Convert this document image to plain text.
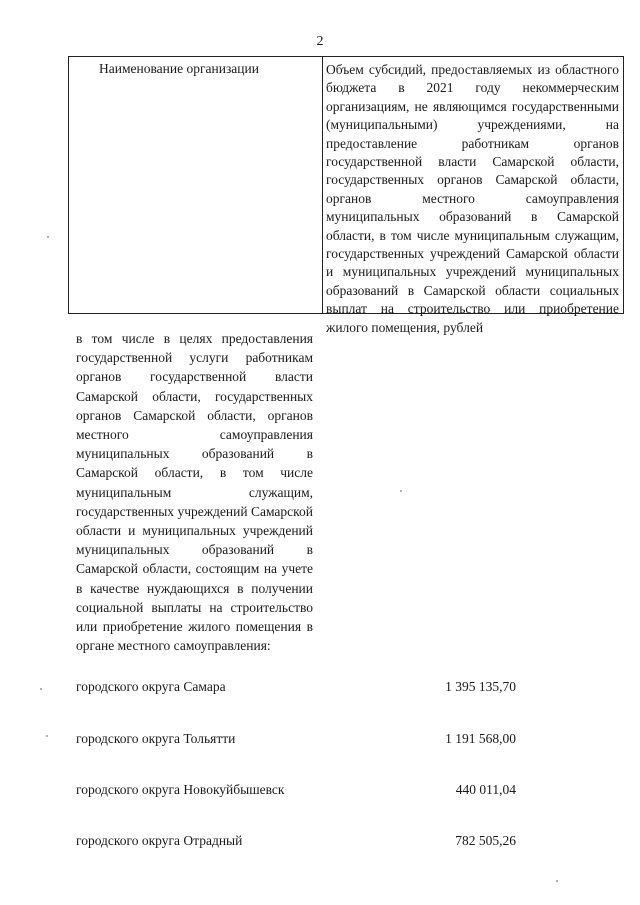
2
Наименование организации	Объем субсидий, предоставляемых из областного бюджета в 2021 году некоммерческим организациям, не являющимся государственными (муниципальными) учреждениями, на предоставление работникам органов государственной власти Самарской области, государственных органов Самарской области, органов местного самоуправления муниципальных образований в Самарской области, в том числе муниципальным служащим, государственных учреждений Самарской области и муниципальных учреждений муниципальных образований в Самарской области социальных выплат на строительство или приобретение жилого помещения, рублей
в том числе в целях предоставления государственной услуги работникам органов государственной власти Самарской области, государственных органов Самарской области, органов местного самоуправления муниципальных образований в Самарской области, в том числе муниципальным служащим, государственных учреждений Самарской области и муниципальных учреждений муниципальных образований в Самарской области, состоящим на учете в качестве нуждающихся в получении социальной выплаты на строительство или приобретение жилого помещения в органе местного самоуправления:
городского округа Самара	1 395 135,70
городского округа Тольятти	1 191 568,00
городского округа Новокуйбышевск	440 011,04
городского округа Отрадный	782 505,26
